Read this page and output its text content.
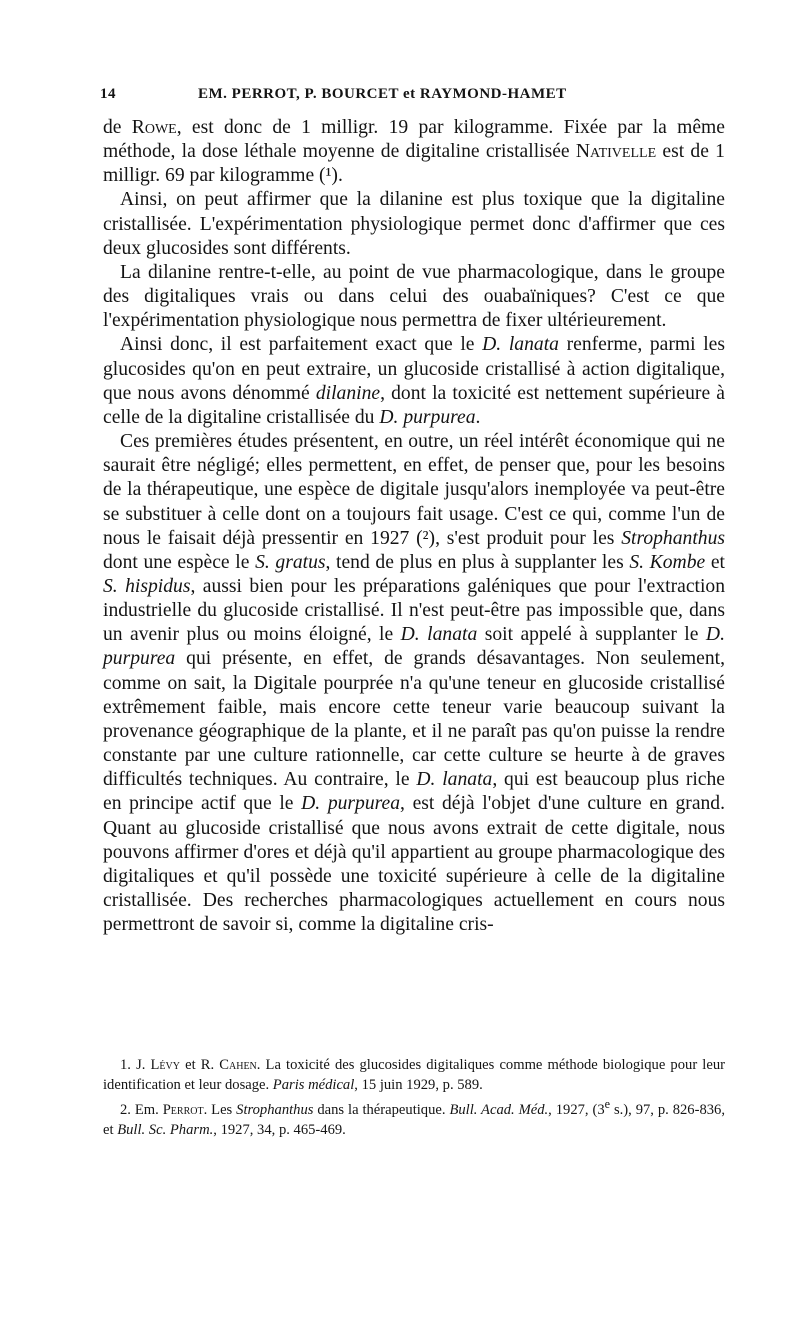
14	EM. PERROT, P. BOURCET et RAYMOND-HAMET

de Rowe, est donc de 1 milligr. 19 par kilogramme. Fixée par la même méthode, la dose léthale moyenne de digitaline cristallisée Nativelle est de 1 milligr. 69 par kilogramme (¹).

Ainsi, on peut affirmer que la dilanine est plus toxique que la digitaline cristallisée. L'expérimentation physiologique permet donc d'affirmer que ces deux glucosides sont différents.

La dilanine rentre-t-elle, au point de vue pharmacologique, dans le groupe des digitaliques vrais ou dans celui des ouabaïniques? C'est ce que l'expérimentation physiologique nous permettra de fixer ultérieurement.

Ainsi donc, il est parfaitement exact que le D. lanata renferme, parmi les glucosides qu'on en peut extraire, un glucoside cristallisé à action digitalique, que nous avons dénommé dilanine, dont la toxicité est nettement supérieure à celle de la digitaline cristallisée du D. purpurea.

Ces premières études présentent, en outre, un réel intérêt économique qui ne saurait être négligé; elles permettent, en effet, de penser que, pour les besoins de la thérapeutique, une espèce de digitale jusqu'alors inemployée va peut-être se substituer à celle dont on a toujours fait usage. C'est ce qui, comme l'un de nous le faisait déjà pressentir en 1927 (²), s'est produit pour les Strophanthus dont une espèce le S. gratus, tend de plus en plus à supplanter les S. Kombe et S. hispidus, aussi bien pour les préparations galéniques que pour l'extraction industrielle du glucoside cristallisé. Il n'est peut-être pas impossible que, dans un avenir plus ou moins éloigné, le D. lanata soit appelé à supplanter le D. purpurea qui présente, en effet, de grands désavantages. Non seulement, comme on sait, la Digitale pourprée n'a qu'une teneur en glucoside cristallisé extrêmement faible, mais encore cette teneur varie beaucoup suivant la provenance géographique de la plante, et il ne paraît pas qu'on puisse la rendre constante par une culture rationnelle, car cette culture se heurte à de graves difficultés techniques. Au contraire, le D. lanata, qui est beaucoup plus riche en principe actif que le D. purpurea, est déjà l'objet d'une culture en grand. Quant au glucoside cristallisé que nous avons extrait de cette digitale, nous pouvons affirmer d'ores et déjà qu'il appartient au groupe pharmacologique des digitaliques et qu'il possède une toxicité supérieure à celle de la digitaline cristallisée. Des recherches pharmacologiques actuellement en cours nous permettront de savoir si, comme la digitaline cris-

1. J. Lévy et R. Cahen. La toxicité des glucosides digitaliques comme méthode biologique pour leur identification et leur dosage. Paris médical, 15 juin 1929, p. 589.

2. Em. Perrot. Les Strophanthus dans la thérapeutique. Bull. Acad. Méd., 1927, (3e s.), 97, p. 826-836, et Bull. Sc. Pharm., 1927, 34, p. 465-469.
